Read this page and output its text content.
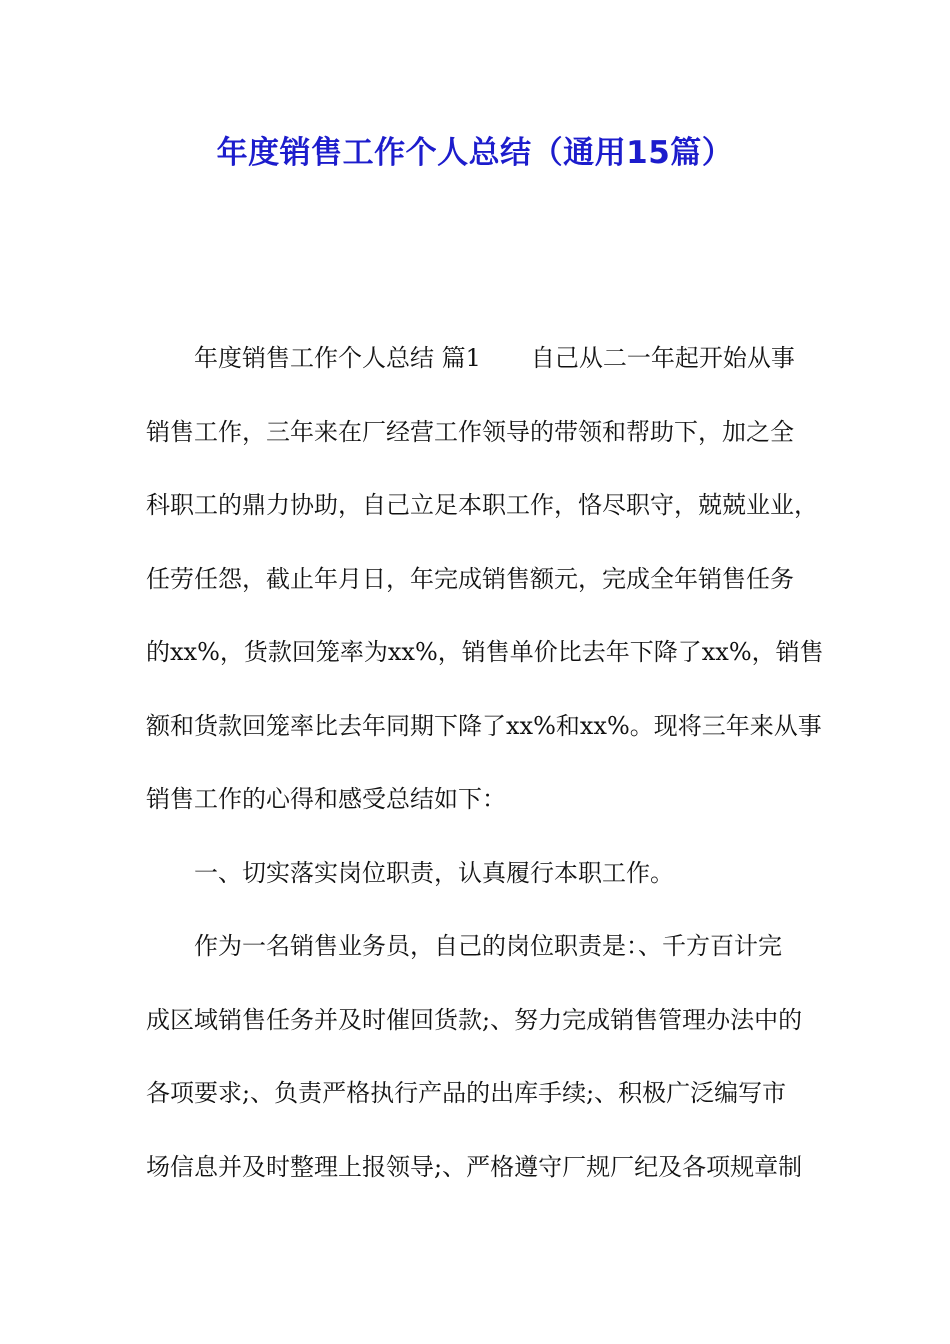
年度销售工作个人总结（通用15篇）
年度销售工作个人总结 篇1 自己从二一年起开始从事
销售工作，三年来在厂经营工作领导的带领和帮助下，加之全
科职工的鼎力协助，自己立足本职工作，恪尽职守，兢兢业业，
任劳任怨，截止年月日，年完成销售额元，完成全年销售任务
的xx%，货款回笼率为xx%，销售单价比去年下降了xx%，销售
额和货款回笼率比去年同期下降了xx%和xx%。现将三年来从事
销售工作的心得和感受总结如下：
一、切实落实岗位职责，认真履行本职工作。
作为一名销售业务员，自己的岗位职责是：、千方百计完
成区域销售任务并及时催回货款;、努力完成销售管理办法中的
各项要求;、负责严格执行产品的出库手续;、积极广泛编写市
场信息并及时整理上报领导;、严格遵守厂规厂纪及各项规章制
